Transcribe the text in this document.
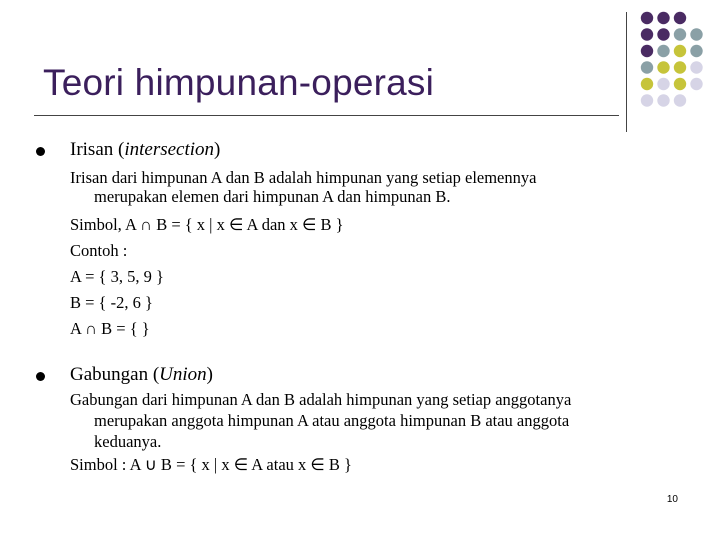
Teori himpunan-operasi
Irisan (intersection)
Irisan dari himpunan A dan B adalah himpunan yang setiap elemennya
merupakan elemen dari himpunan A dan himpunan B.
Simbol, A ∩ B = { x | x ∈ A dan x ∈ B }
Contoh :
A = { 3, 5, 9 }
B = { -2, 6 }
A ∩ B = { }
Gabungan (Union)
Gabungan dari himpunan A dan B adalah himpunan yang setiap anggotanya
merupakan anggota himpunan A atau anggota himpunan B atau anggota
keduanya.
Simbol : A ∪ B = { x | x ∈ A atau x ∈ B }
10
